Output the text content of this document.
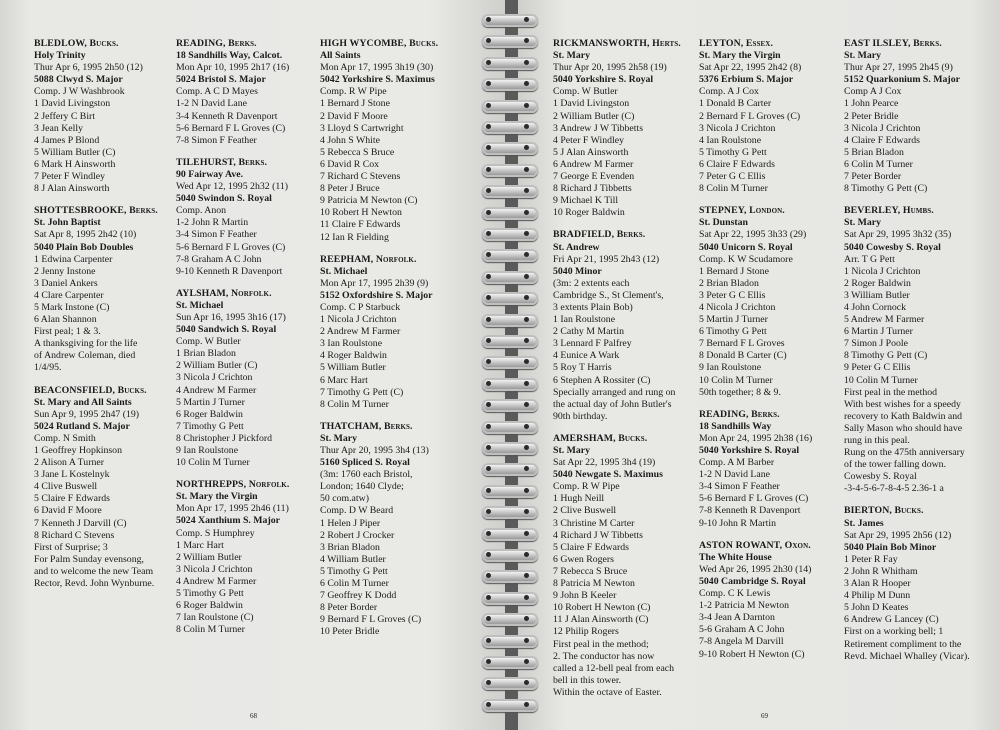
BLEDLOW, Bucks.
Holy Trinity
Thur Apr 6, 1995 2h50 (12)
5088 Clwyd S. Major
Comp. J W Washbrook
1 David Livingston
2 Jeffery C Birt
3 Jean Kelly
4 James P Blond
5 William Butler (C)
6 Mark H Ainsworth
7 Peter F Windley
8 J Alan Ainsworth
SHOTTESBROOKE, Berks.
St. John Baptist
Sat Apr 8, 1995 2h42 (10)
5040 Plain Bob Doubles
1 Edwina Carpenter
2 Jenny Instone
3 Daniel Ankers
4 Clare Carpenter
5 Mark Instone (C)
6 Alan Shannon
First peal; 1 & 3.
A thanksgiving for the life
of Andrew Coleman, died
1/4/95.
BEACONSFIELD, Bucks.
St. Mary and All Saints
Sun Apr 9, 1995 2h47 (19)
5024 Rutland S. Major
Comp. N Smith
1 Geoffrey Hopkinson
2 Alison A Turner
3 Jane L Kostelnyk
4 Clive Buswell
5 Claire F Edwards
6 David F Moore
7 Kenneth J Darvill (C)
8 Richard C Stevens
First of Surprise; 3
For Palm Sunday evensong,
and to welcome the new Team
Rector, Revd. John Wynburne.
READING, Berks.
18 Sandhills Way, Calcot.
Mon Apr 10, 1995 2h17 (16)
5024 Bristol S. Major
Comp. A C D Mayes
1-2 N David Lane
3-4 Kenneth R Davenport
5-6 Bernard F L Groves (C)
7-8 Simon F Feather
TILEHURST, Berks.
90 Fairway Ave.
Wed Apr 12, 1995 2h32 (11)
5040 Swindon S. Royal
Comp. Anon
1-2 John R Martin
3-4 Simon F Feather
5-6 Bernard F L Groves (C)
7-8 Graham A C John
9-10 Kenneth R Davenport
AYLSHAM, Norfolk.
St. Michael
Sun Apr 16, 1995 3h16 (17)
5040 Sandwich S. Royal
Comp. W Butler
1 Brian Bladon
2 William Butler (C)
3 Nicola J Crichton
4 Andrew M Farmer
5 Martin J Turner
6 Roger Baldwin
7 Timothy G Pett
8 Christopher J Pickford
9 Ian Roulstone
10 Colin M Turner
NORTHREPPS, Norfolk.
St. Mary the Virgin
Mon Apr 17, 1995 2h46 (11)
5024 Xanthium S. Major
Comp. S Humphrey
1 Marc Hart
2 William Butler
3 Nicola J Crichton
4 Andrew M Farmer
5 Timothy G Pett
6 Roger Baldwin
7 Ian Roulstone (C)
8 Colin M Turner
HIGH WYCOMBE, Bucks.
All Saints
Mon Apr 17, 1995 3h19 (30)
5042 Yorkshire S. Maximus
Comp. R W Pipe
1 Bernard J Stone
2 David F Moore
3 Lloyd S Cartwright
4 John S White
5 Rebecca S Bruce
6 David R Cox
7 Richard C Stevens
8 Peter J Bruce
9 Patricia M Newton (C)
10 Robert H Newton
11 Claire F Edwards
12 Ian R Fielding
REEPHAM, Norfolk.
St. Michael
Mon Apr 17, 1995 2h39 (9)
5152 Oxfordshire S. Major
Comp. C P Starbuck
1 Nicola J Crichton
2 Andrew M Farmer
3 Ian Roulstone
4 Roger Baldwin
5 William Butler
6 Marc Hart
7 Timothy G Pett (C)
8 Colin M Turner
THATCHAM, Berks.
St. Mary
Thur Apr 20, 1995 3h4 (13)
5160 Spliced S. Royal
(3m: 1760 each Bristol,
London; 1640 Clyde;
50 com.atw)
Comp. D W Beard
1 Helen J Piper
2 Robert J Crocker
3 Brian Bladon
4 William Butler
5 Timothy G Pett
6 Colin M Turner
7 Geoffrey K Dodd
8 Peter Border
9 Bernard F L Groves (C)
10 Peter Bridle
68
RICKMANSWORTH, Herts.
St. Mary
Thur Apr 20, 1995 2h58 (19)
5040 Yorkshire S. Royal
Comp. W Butler
1 David Livingston
2 William Butler (C)
3 Andrew J W Tibbetts
4 Peter F Windley
5 J Alan Ainsworth
6 Andrew M Farmer
7 George E Evenden
8 Richard J Tibbetts
9 Michael K Till
10 Roger Baldwin
BRADFIELD, Berks.
St. Andrew
Fri Apr 21, 1995 2h43 (12)
5040 Minor
(3m: 2 extents each
Cambridge S., St Clement's,
3 extents Plain Bob)
1 Ian Roulstone
2 Cathy M Martin
3 Lennard F Palfrey
4 Eunice A Wark
5 Roy T Harris
6 Stephen A Rossiter (C)
Specially arranged and rung on
the actual day of John Butler's
90th birthday.
AMERSHAM, Bucks.
St. Mary
Sat Apr 22, 1995 3h4 (19)
5040 Newgate S. Maximus
Comp. R W Pipe
1 Hugh Neill
2 Clive Buswell
3 Christine M Carter
4 Richard J W Tibbetts
5 Claire F Edwards
6 Gwen Rogers
7 Rebecca S Bruce
8 Patricia M Newton
9 John B Keeler
10 Robert H Newton (C)
11 J Alan Ainsworth (C)
12 Philip Rogers
First peal in the method;
2. The conductor has now
called a 12-bell peal from each
bell in this tower.
Within the octave of Easter.
LEYTON, Essex.
St. Mary the Virgin
Sat Apr 22, 1995 2h42 (8)
5376 Erbium S. Major
Comp. A J Cox
1 Donald B Carter
2 Bernard F L Groves (C)
3 Nicola J Crichton
4 Ian Roulstone
5 Timothy G Pett
6 Claire F Edwards
7 Peter G C Ellis
8 Colin M Turner
STEPNEY, London.
St. Dunstan
Sat Apr 22, 1995 3h33 (29)
5040 Unicorn S. Royal
Comp. K W Scudamore
1 Bernard J Stone
2 Brian Bladon
3 Peter G C Ellis
4 Nicola J Crichton
5 Martin J Turner
6 Timothy G Pett
7 Bernard F L Groves
8 Donald B Carter (C)
9 Ian Roulstone
10 Colin M Turner
50th together; 8 & 9.
READING, Berks.
18 Sandhills Way
Mon Apr 24, 1995 2h38 (16)
5040 Yorkshire S. Royal
Comp. A M Barber
1-2 N David Lane
3-4 Simon F Feather
5-6 Bernard F L Groves (C)
7-8 Kenneth R Davenport
9-10 John R Martin
ASTON ROWANT, Oxon.
The White House
Wed Apr 26, 1995 2h30 (14)
5040 Cambridge S. Royal
Comp. C K Lewis
1-2 Patricia M Newton
3-4 Jean A Darnton
5-6 Graham A C John
7-8 Angela M Darvill
9-10 Robert H Newton (C)
EAST ILSLEY, Berks.
St. Mary
Thur Apr 27, 1995 2h45 (9)
5152 Quarkonium S. Major
Comp A J Cox
1 John Pearce
2 Peter Bridle
3 Nicola J Crichton
4 Claire F Edwards
5 Brian Bladon
6 Colin M Turner
7 Peter Border
8 Timothy G Pett (C)
BEVERLEY, Humbs.
St. Mary
Sat Apr 29, 1995 3h32 (35)
5040 Cowesby S. Royal
Arr. T G Pett
1 Nicola J Crichton
2 Roger Baldwin
3 William Butler
4 John Cornock
5 Andrew M Farmer
6 Martin J Turner
7 Simon J Poole
8 Timothy G Pett (C)
9 Peter G C Ellis
10 Colin M Turner
First peal in the method
With best wishes for a speedy
recovery to Kath Baldwin and
Sally Mason who should have
rung in this peal.
Rung on the 475th anniversary
of the tower falling down.
Cowesby S. Royal
-3-4-5-6-7-8-4-5 2.36-1 a
BIERTON, Bucks.
St. James
Sat Apr 29, 1995 2h56 (12)
5040 Plain Bob Minor
1 Peter R Fay
2 John R Whitham
3 Alan R Hooper
4 Philip M Dunn
5 John D Keates
6 Andrew G Lancey (C)
First on a working bell; 1
Retirement compliment to the
Revd. Michael Whalley (Vicar).
69
